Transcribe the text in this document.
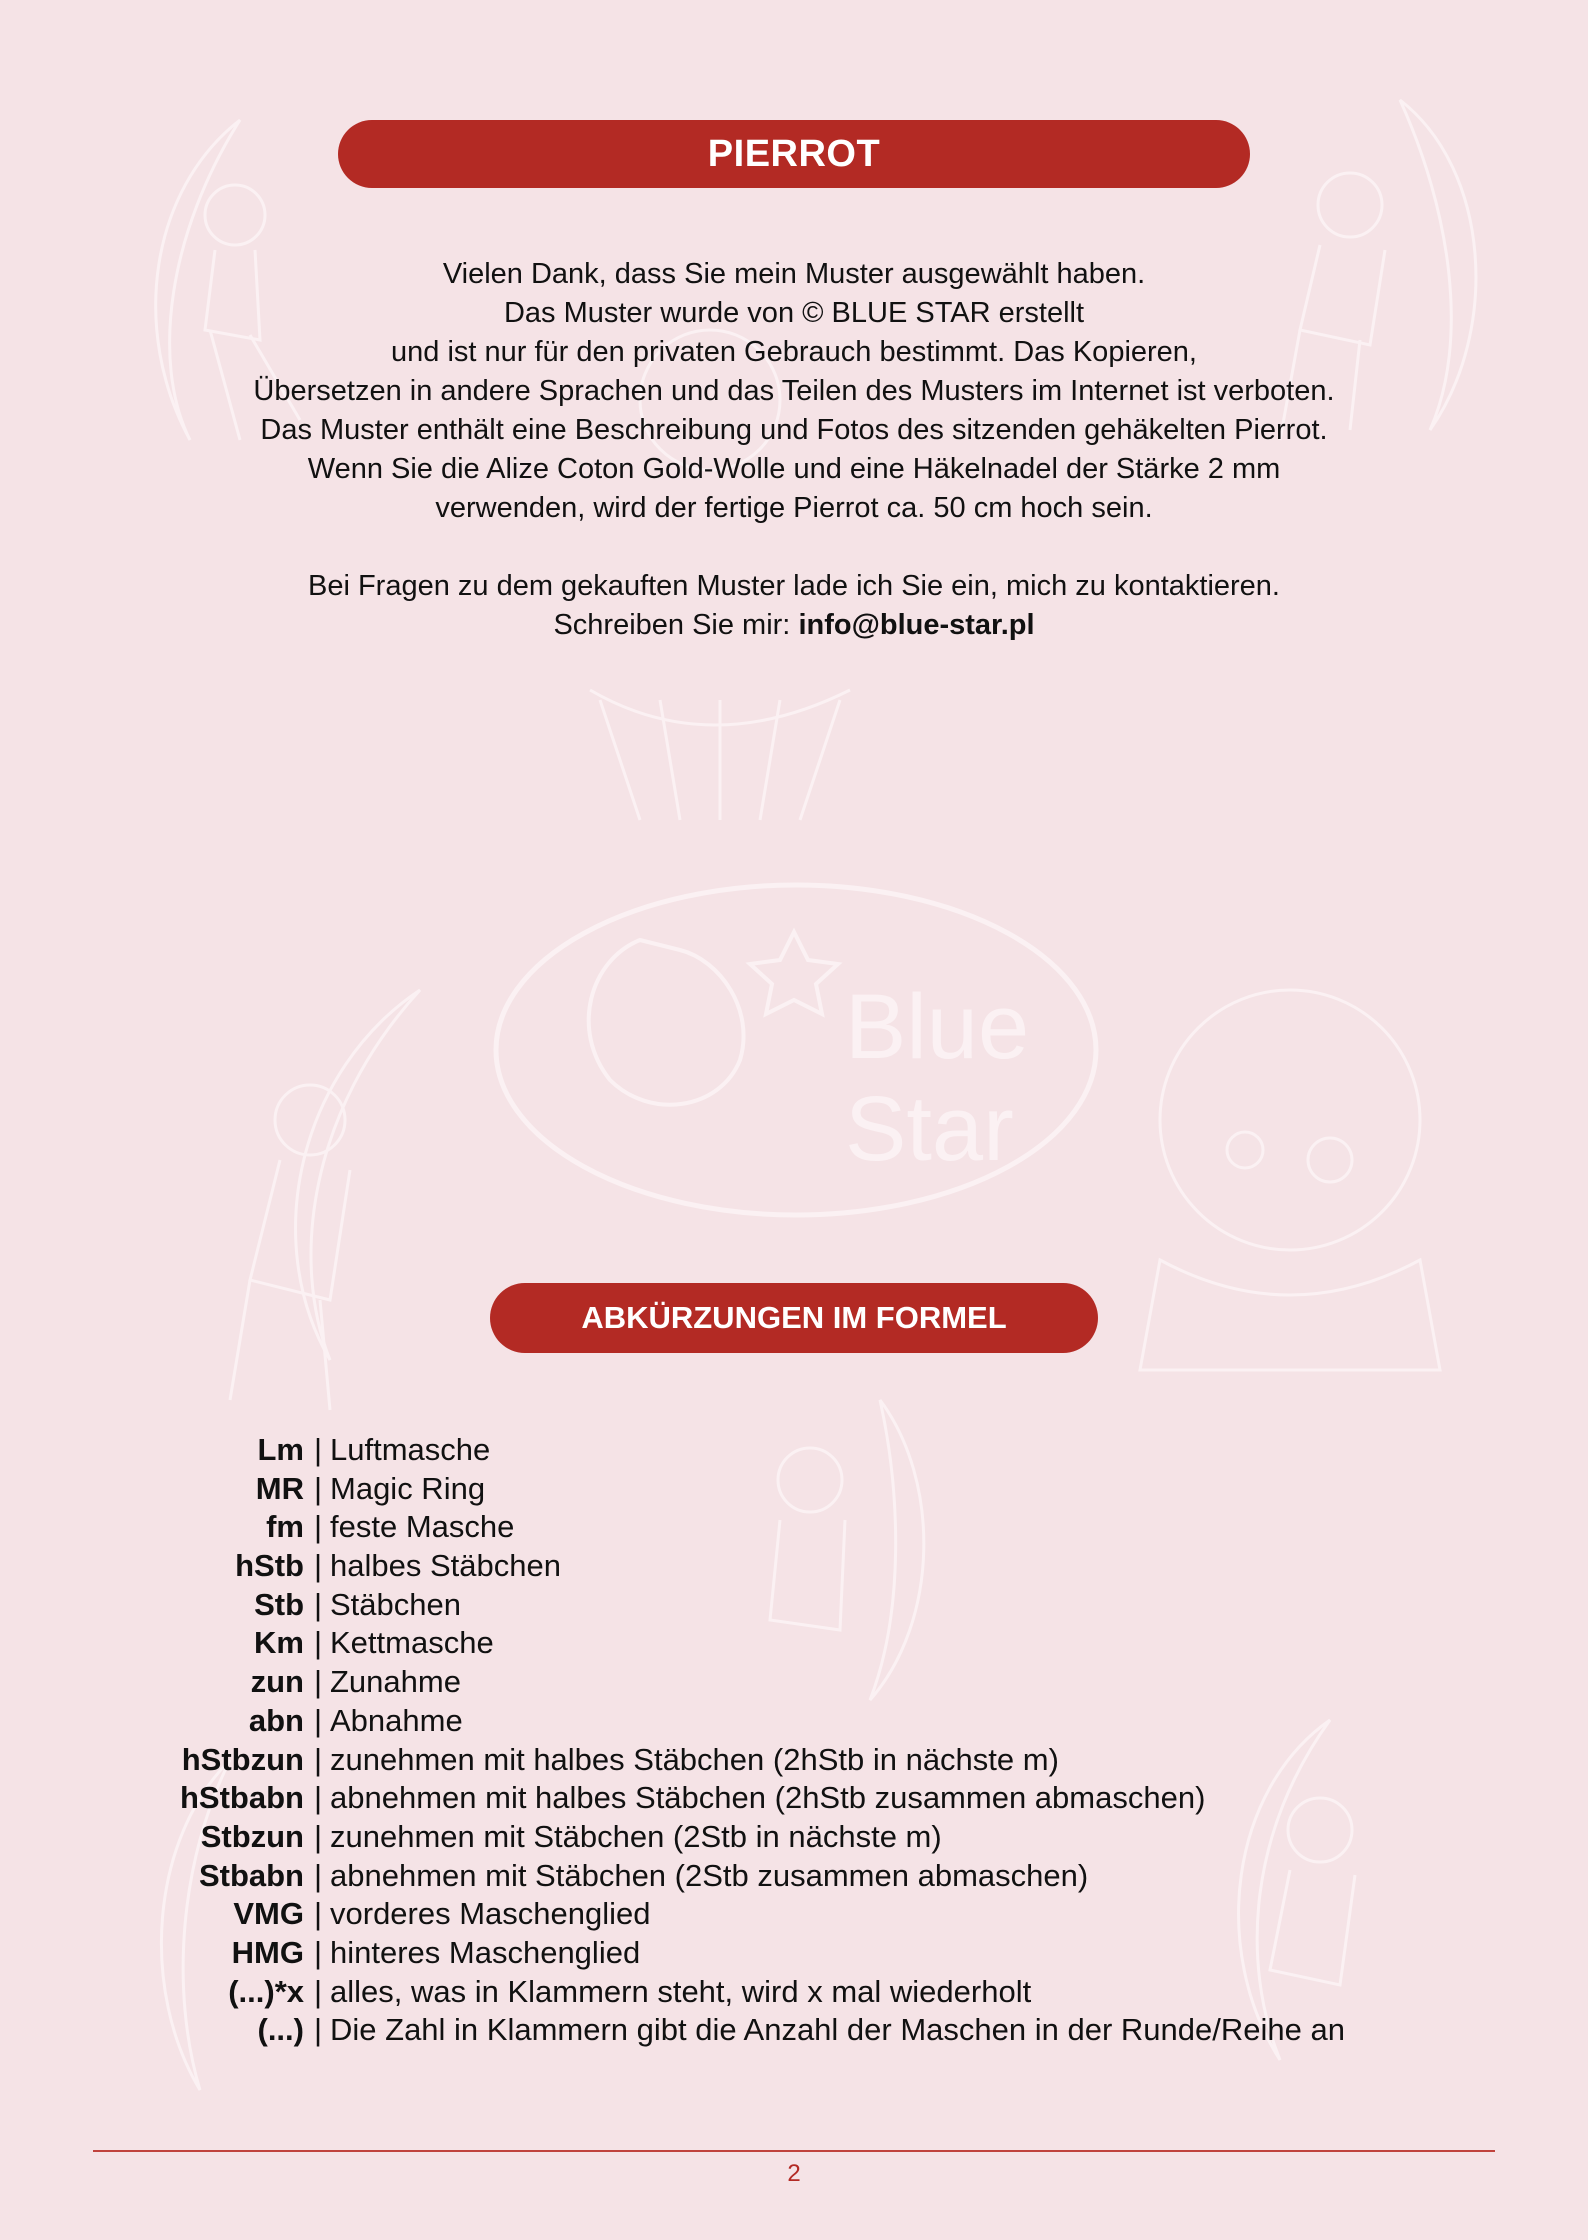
Blue
Star
PIERROT

Vielen Dank, dass Sie mein Muster ausgewählt haben.

Das Muster wurde von © BLUE STAR erstellt

und ist nur für den privaten Gebrauch bestimmt. Das Kopieren,

Übersetzen in andere Sprachen und das Teilen des Musters im Internet ist verboten.

Das Muster enthält eine Beschreibung und Fotos des sitzenden gehäkelten Pierrot.

Wenn Sie die Alize Coton Gold-Wolle und eine Häkelnadel der Stärke 2 mm

verwenden, wird der fertige Pierrot ca. 50 cm hoch sein.

Bei Fragen zu dem gekauften Muster lade ich Sie ein, mich zu kontaktieren.

Schreiben Sie mir: info@blue-star.pl

ABKÜRZUNGEN IM FORMEL
Lm | Luftmasche
MR | Magic Ring
fm | feste Masche
hStb | halbes Stäbchen
Stb | Stäbchen
Km | Kettmasche
zun | Zunahme
abn | Abnahme
hStbzun | zunehmen mit halbes Stäbchen (2hStb in nächste m)
hStbabn | abnehmen mit halbes Stäbchen (2hStb zusammen abmaschen)
Stbzun | zunehmen mit Stäbchen (2Stb in nächste m)
Stbabn | abnehmen mit Stäbchen (2Stb zusammen abmaschen)
VMG | vorderes Maschenglied
HMG | hinteres Maschenglied
(...)*x | alles, was in Klammern steht, wird x mal wiederholt
(...) | Die Zahl in Klammern gibt die Anzahl der Maschen in der Runde/Reihe an
2
